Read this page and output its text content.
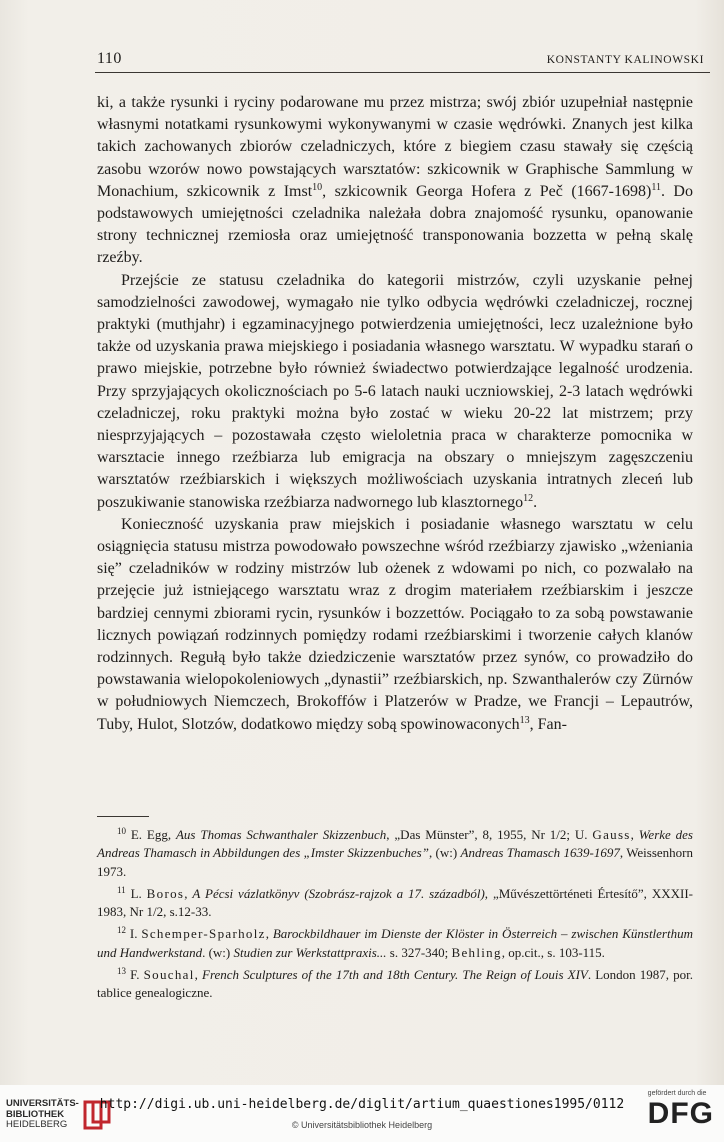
110	KONSTANTY KALINOWSKI

ki, a także rysunki i ryciny podarowane mu przez mistrza; swój zbiór uzupełniał następnie własnymi notatkami rysunkowymi wykonywanymi w czasie wędrówki. Znanych jest kilka takich zachowanych zbiorów czeladniczych, które z biegiem czasu stawały się częścią zasobu wzorów nowo powstających warsztatów: szkicownik w Graphische Sammlung w Monachium, szkicownik z Imst$^{10}$, szkicownik Georga Hofera z Peč (1667-1698)$^{11}$. Do podstawowych umiejętności czeladnika należała dobra znajomość rysunku, opanowanie strony technicznej rzemiosła oraz umiejętność transponowania bozzetta w pełną skalę rzeźby.

Przejście ze statusu czeladnika do kategorii mistrzów, czyli uzyskanie pełnej samodzielności zawodowej, wymagało nie tylko odbycia wędrówki czeladniczej, rocznej praktyki (muthjahr) i egzaminacyjnego potwierdzenia umiejętności, lecz uzależnione było także od uzyskania prawa miejskiego i posiadania własnego warsztatu. W wypadku starań o prawo miejskie, potrzebne było również świadectwo potwierdzające legalność urodzenia. Przy sprzyjających okolicznościach po 5-6 latach nauki uczniowskiej, 2-3 latach wędrówki czeladniczej, roku praktyki można było zostać w wieku 20-22 lat mistrzem; przy niesprzyjających – pozostawała często wieloletnia praca w charakterze pomocnika w warsztacie innego rzeźbiarza lub emigracja na obszary o mniejszym zagęszczeniu warsztatów rzeźbiarskich i większych możliwościach uzyskania intratnych zleceń lub poszukiwanie stanowiska rzeźbiarza nadwornego lub klasztornego$^{12}$.

Konieczność uzyskania praw miejskich i posiadanie własnego warsztatu w celu osiągnięcia statusu mistrza powodowało powszechne wśród rzeźbiarzy zjawisko „wżeniania się” czeladników w rodziny mistrzów lub ożenek z wdowami po nich, co pozwalało na przejęcie już istniejącego warsztatu wraz z drogim materiałem rzeźbiarskim i jeszcze bardziej cennymi zbiorami rycin, rysunków i bozzettów. Pociągało to za sobą powstawanie licznych powiązań rodzinnych pomiędzy rodami rzeźbiarskimi i tworzenie całych klanów rodzinnych. Regułą było także dziedziczenie warsztatów przez synów, co prowadziło do powstawania wielopokoleniowych „dynastii” rzeźbiarskich, np. Szwanthalerów czy Zürnów w południowych Niemczech, Brokoffów i Platzerów w Pradze, we Francji – Lepautrów, Tuby, Hulot, Slotzów, dodatkowo między sobą spowinowaconych$^{13}$, Fan-

$^{10}$ E. Egg, Aus Thomas Schwanthaler Skizzenbuch, „Das Münster”, 8, 1955, Nr 1/2; U. Gauss, Werke des Andreas Thamasch in Abbildungen des „Imster Skizzenbuches”, (w:) Andreas Thamasch 1639-1697, Weissenhorn 1973.

$^{11}$ L. Boros, A Pécsi vázlatkönyv (Szobrász-rajzok a 17. századból), „Művészettörténeti Értesítő”, XXXII-1983, Nr 1/2, s.12-33.

$^{12}$ I. Schemper-Sparholz, Barockbildhauer im Dienste der Klöster in Österreich – zwischen Künstlerthum und Handwerkstand. (w:) Studien zur Werkstattpraxis... s. 327-340; Behling, op.cit., s. 103-115.

$^{13}$ F. Souchal, French Sculptures of the 17th and 18th Century. The Reign of Louis XIV. London 1987, por. tablice genealogiczne.

UNIVERSITÄTS-
BIBLIOTHEK
HEIDELBERG
http://digi.ub.uni-heidelberg.de/diglit/artium_quaestiones1995/0112
© Universitätsbibliothek Heidelberg
gefördert durch die
DFG
